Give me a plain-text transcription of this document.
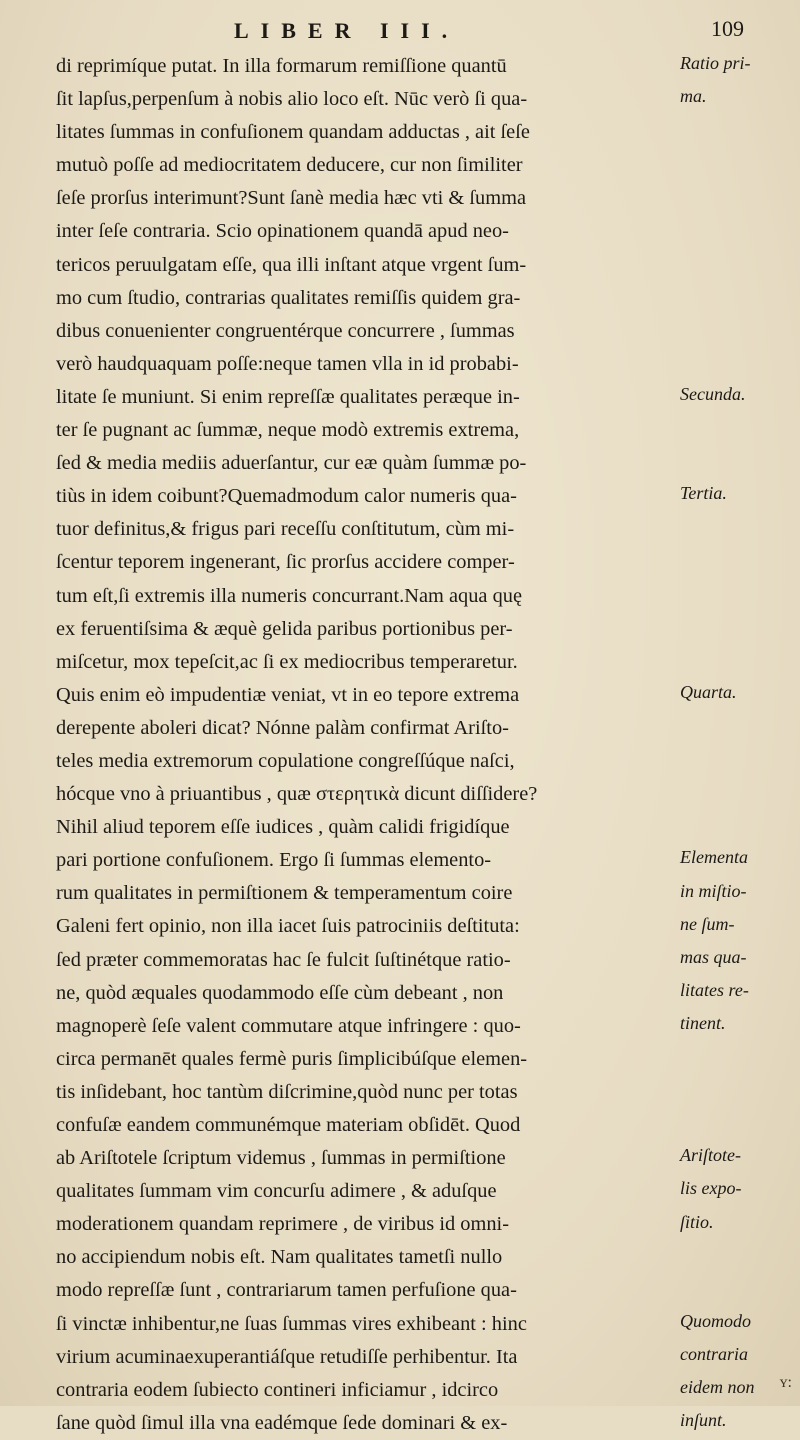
LIBER III.	109
di reprimíque putat. In illa formarum remiſſione quantū
ſit lapſus,perpenſum à nobis alio loco eſt. Nūc verò ſi qua-
litates ſummas in confuſionem quandam adductas , ait ſeſe
mutuò poſſe ad mediocritatem deducere, cur non ſimiliter
ſeſe prorſus interimunt?Sunt ſanè media hæc vti & ſumma
inter ſeſe contraria. Scio opinationem quandā apud neo-
tericos peruulgatam eſſe, qua illi inſtant atque vrgent ſum-
mo cum ſtudio, contrarias qualitates remiſſis quidem gra-
dibus conuenienter congruentérque concurrere , ſummas
verò haudquaquam poſſe:neque tamen vlla in id probabi-
litate ſe muniunt. Si enim repreſſæ qualitates peræque in-
ter ſe pugnant ac ſummæ, neque modò extremis extrema,
ſed & media mediis aduerſantur, cur eæ quàm ſummæ po-
tiùs in idem coibunt?Quemadmodum calor numeris qua-
tuor definitus,& frigus pari receſſu conſtitutum, cùm mi-
ſcentur teporem ingenerant, ſic prorſus accidere comper-
tum eſt,ſi extremis illa numeris concurrant.Nam aqua quę
ex feruentiſsima & æquè gelida paribus portionibus per-
miſcetur, mox tepeſcit,ac ſi ex mediocribus temperaretur.
Quis enim eò impudentiæ veniat, vt in eo tepore extrema
derepente aboleri dicat? Nónne palàm confirmat Ariſto-
teles media extremorum copulatione congreſſúque naſci,
hócque vno à priuantibus , quæ στερητικὰ dicunt diſſidere?
Nihil aliud teporem eſſe iudices , quàm calidi frigidíque
pari portione confuſionem. Ergo ſi ſummas elemento-
rum qualitates in permiſtionem & temperamentum coire
Galeni fert opinio, non illa iacet ſuis patrociniis deſtituta:
ſed præter commemoratas hac ſe fulcit ſuſtinétque ratio-
ne, quòd æquales quodammodo eſſe cùm debeant , non
magnoperè ſeſe valent commutare atque infringere : quo-
circa permanēt quales fermè puris ſimplicibúſque elemen-
tis inſidebant, hoc tantùm diſcrimine,quòd nunc per totas
confuſæ eandem communémque materiam obſidēt. Quod
ab Ariſtotele ſcriptum videmus , ſummas in permiſtione
qualitates ſummam vim concurſu adimere , & aduſque
moderationem quandam reprimere , de viribus id omni-
no accipiendum nobis eſt. Nam qualitates tametſi nullo
modo repreſſæ ſunt , contrariarum tamen perfuſione qua-
ſi vinctæ inhibentur,ne ſuas ſummas vires exhibeant : hinc
virium acuminaexuperantiáſque retudiſſe perhibentur. Ita
contraria eodem ſubiecto contineri inficiamur , idcirco
ſane quòd ſimul illa vna eadémque ſede dominari & ex-
Ratio pri-
ma.
Secunda.
Tertia.
Quarta.
Elementa
in miſtio-
ne ſum-
mas qua-
litates re-
tinent.
Ariſtote-
lis expo-
ſitio.
Quomodo
contraria
eidem non
inſunt.
ʏ:
